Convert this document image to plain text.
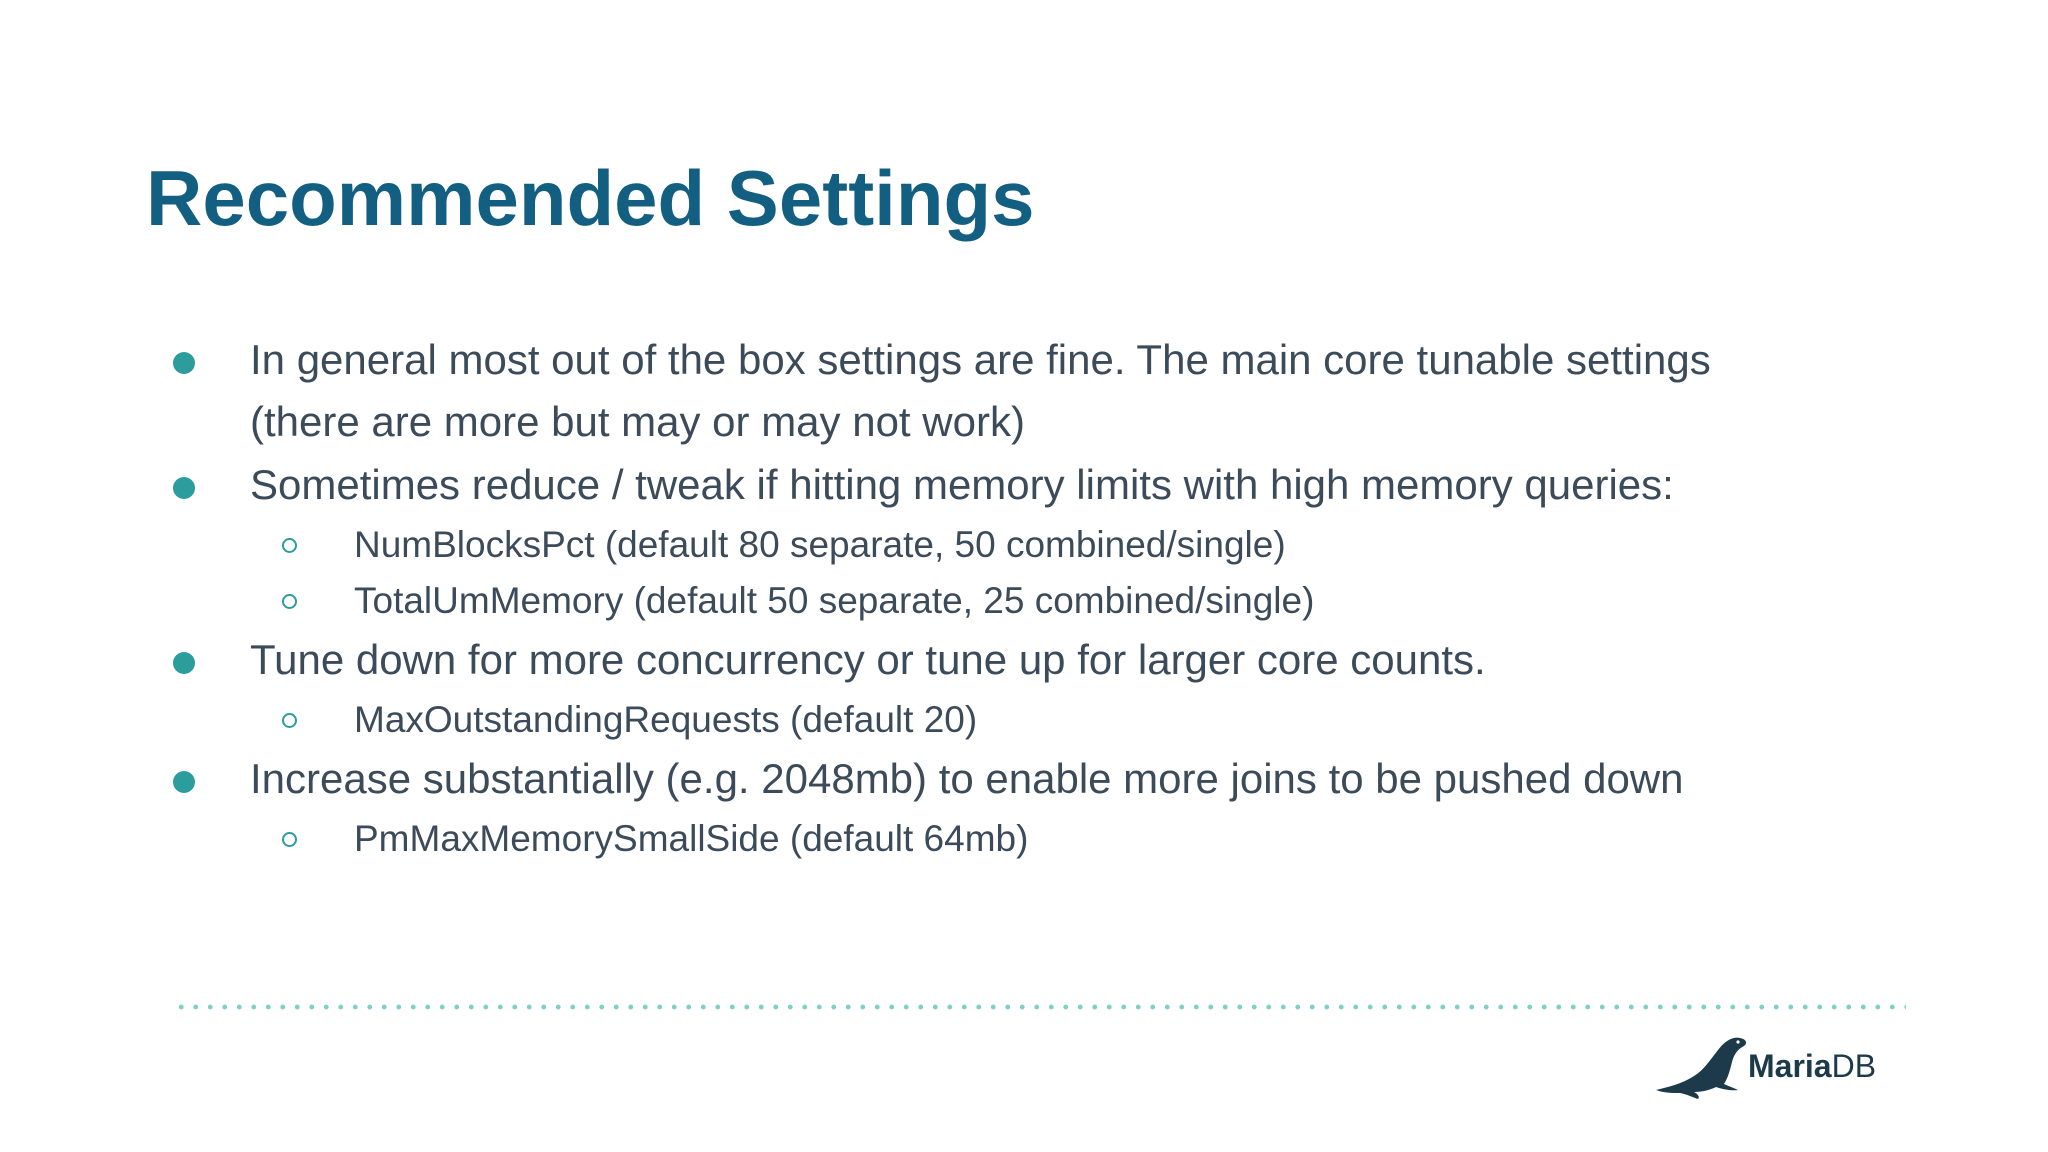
Recommended Settings
In general most out of the box settings are fine. The main core tunable settings
(there are more but may or may not work)
Sometimes reduce / tweak if hitting memory limits with high memory queries:
NumBlocksPct (default 80 separate, 50 combined/single)
TotalUmMemory (default 50 separate, 25 combined/single)
Tune down for more concurrency or tune up for larger core counts.
MaxOutstandingRequests (default 20)
Increase substantially (e.g. 2048mb) to enable more joins to be pushed down
PmMaxMemorySmallSide (default 64mb)
MariaDB
